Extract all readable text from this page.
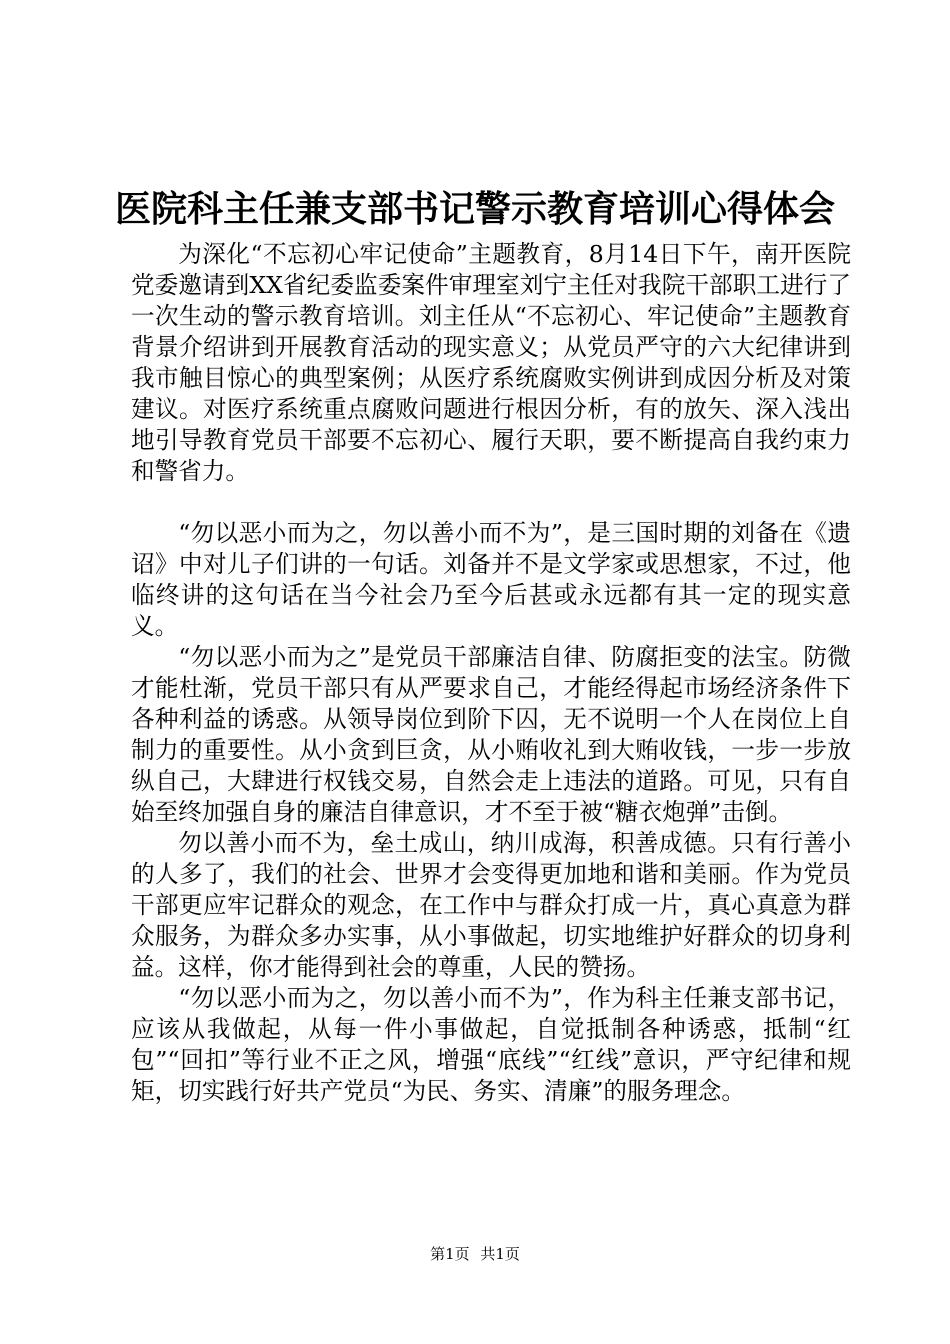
医院科主任兼支部书记警示教育培训心得体会

为深化“不忘初心牢记使命”主题教育，8月14日下午，南开医院党委邀请到XX省纪委监委案件审理室刘宁主任对我院干部职工进行了一次生动的警示教育培训。刘主任从“不忘初心、牢记使命”主题教育背景介绍讲到开展教育活动的现实意义；从党员严守的六大纪律讲到我市触目惊心的典型案例；从医疗系统腐败实例讲到成因分析及对策建议。对医疗系统重点腐败问题进行根因分析，有的放矢、深入浅出地引导教育党员干部要不忘初心、履行天职，要不断提高自我约束力和警省力。

“勿以恶小而为之，勿以善小而不为”，是三国时期的刘备在《遗诏》中对儿子们讲的一句话。刘备并不是文学家或思想家，不过，他临终讲的这句话在当今社会乃至今后甚或永远都有其一定的现实意义。

“勿以恶小而为之”是党员干部廉洁自律、防腐拒变的法宝。防微才能杜渐，党员干部只有从严要求自己，才能经得起市场经济条件下各种利益的诱惑。从领导岗位到阶下囚，无不说明一个人在岗位上自制力的重要性。从小贪到巨贪，从小贿收礼到大贿收钱，一步一步放纵自己，大肆进行权钱交易，自然会走上违法的道路。可见，只有自始至终加强自身的廉洁自律意识，才不至于被“糖衣炮弹”击倒。

勿以善小而不为，垒土成山，纳川成海，积善成德。只有行善小的人多了，我们的社会、世界才会变得更加地和谐和美丽。作为党员干部更应牢记群众的观念，在工作中与群众打成一片，真心真意为群众服务，为群众多办实事，从小事做起，切实地维护好群众的切身利益。这样，你才能得到社会的尊重，人民的赞扬。

“勿以恶小而为之，勿以善小而不为”，作为科主任兼支部书记，应该从我做起，从每一件小事做起，自觉抵制各种诱惑，抵制“红包”“回扣”等行业不正之风，增强“底线”“红线”意识，严守纪律和规矩，切实践行好共产党员“为民、务实、清廉”的服务理念。

第1页 共1页
